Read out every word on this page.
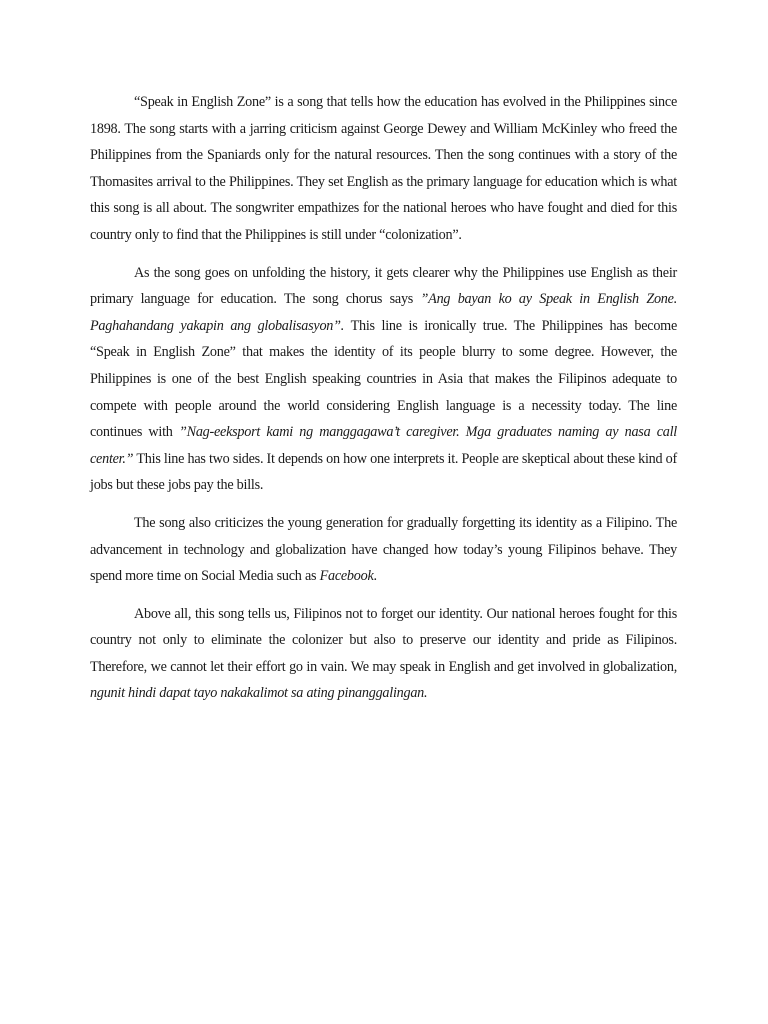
“Speak in English Zone” is a song that tells how the education has evolved in the Philippines since 1898. The song starts with a jarring criticism against George Dewey and William McKinley who freed the Philippines from the Spaniards only for the natural resources. Then the song continues with a story of the Thomasites arrival to the Philippines. They set English as the primary language for education which is what this song is all about. The songwriter empathizes for the national heroes who have fought and died for this country only to find that the Philippines is still under “colonization”.

As the song goes on unfolding the history, it gets clearer why the Philippines use English as their primary language for education. The song chorus says ”Ang bayan ko ay Speak in English Zone. Paghahandang yakapin ang globalisasyon”. This line is ironically true. The Philippines has become “Speak in English Zone” that makes the identity of its people blurry to some degree. However, the Philippines is one of the best English speaking countries in Asia that makes the Filipinos adequate to compete with people around the world considering English language is a necessity today. The line continues with ”Nag-eeksport kami ng manggagawa’t caregiver. Mga graduates naming ay nasa call center.” This line has two sides. It depends on how one interprets it. People are skeptical about these kind of jobs but these jobs pay the bills.

The song also criticizes the young generation for gradually forgetting its identity as a Filipino. The advancement in technology and globalization have changed how today’s young Filipinos behave. They spend more time on Social Media such as Facebook.

Above all, this song tells us, Filipinos not to forget our identity. Our national heroes fought for this country not only to eliminate the colonizer but also to preserve our identity and pride as Filipinos. Therefore, we cannot let their effort go in vain. We may speak in English and get involved in globalization, ngunit hindi dapat tayo nakakalimot sa ating pinanggalingan.
